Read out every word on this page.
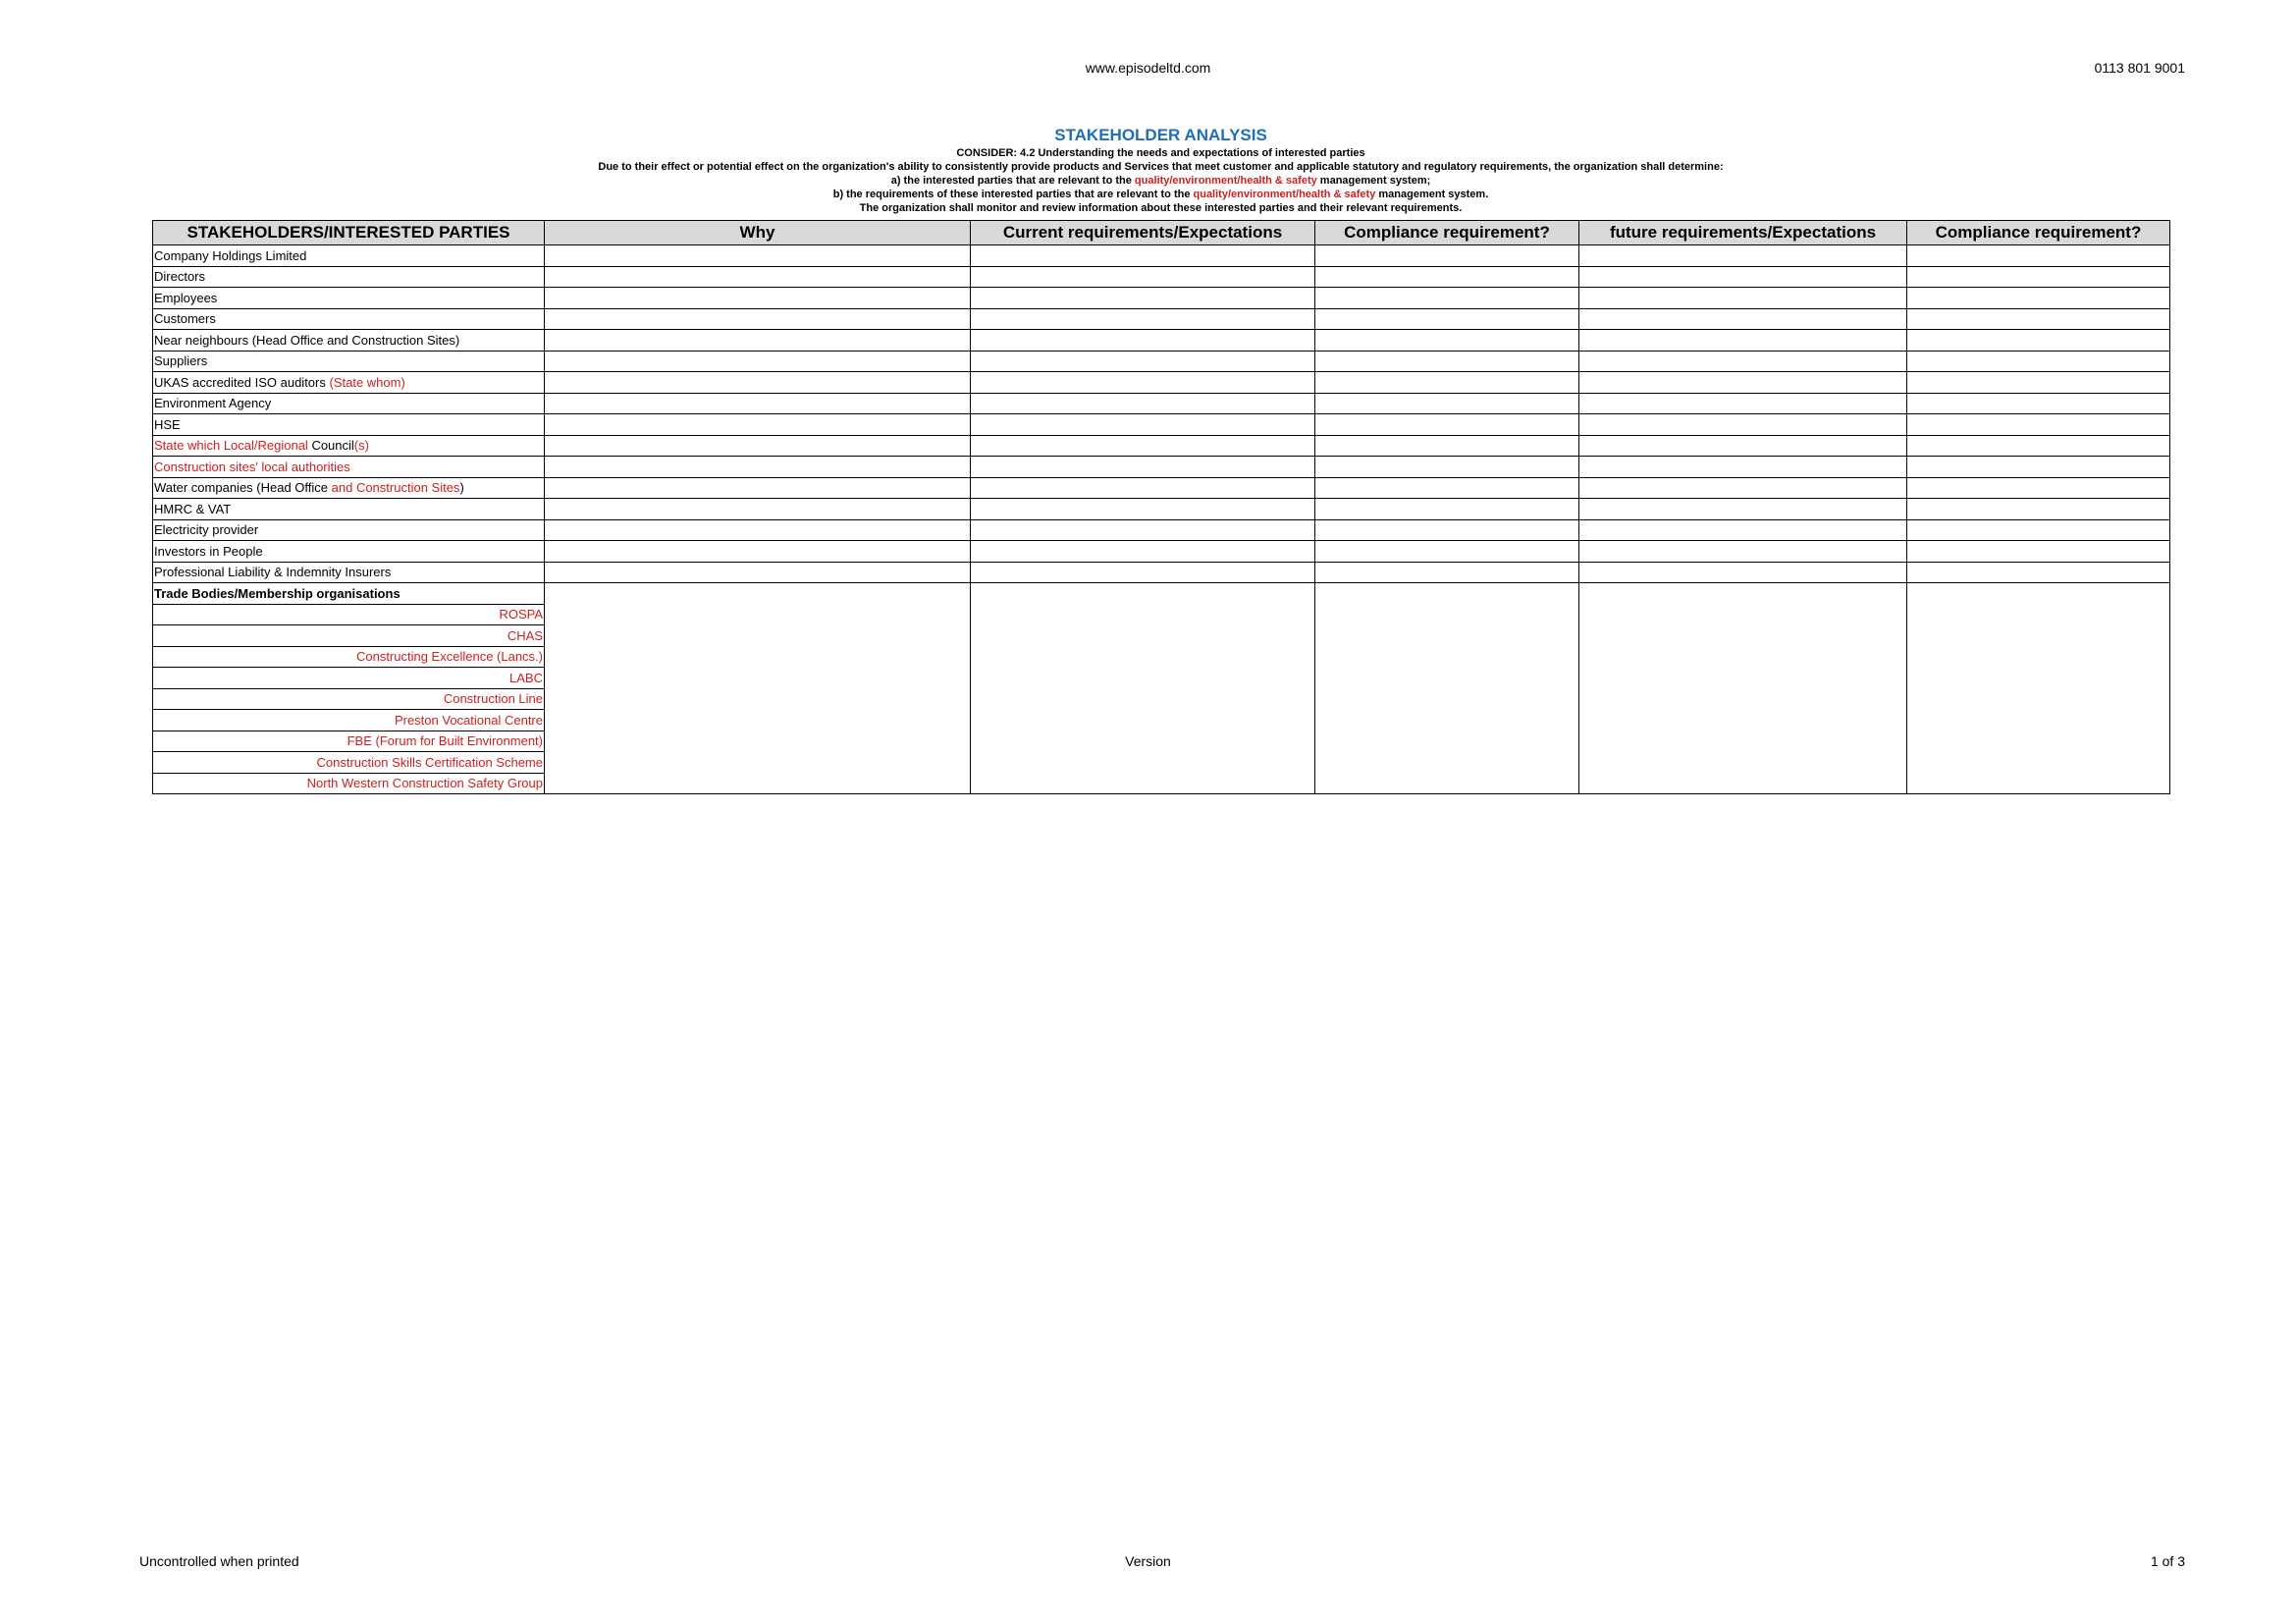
www.episodeltd.com	0113 801 9001
STAKEHOLDER ANALYSIS
CONSIDER: 4.2 Understanding the needs and expectations of interested parties
Due to their effect or potential effect on the organization's ability to consistently provide products and Services that meet customer and applicable statutory and regulatory requirements, the organization shall determine:
a) the interested parties that are relevant to the quality/environment/health & safety management system;
b) the requirements of these interested parties that are relevant to the quality/environment/health & safety management system.
The organization shall monitor and review information about these interested parties and their relevant requirements.
STAKEHOLDERS/INTERESTED PARTIES	Why	Current requirements/Expectations	Compliance requirement?	future requirements/Expectations	Compliance requirement?
Company Holdings Limited					
Directors					
Employees					
Customers					
Near neighbours (Head Office and Construction Sites)					
Suppliers					
UKAS accredited ISO auditors (State whom)					
Environment Agency					
HSE					
State which Local/Regional Council(s)					
Construction sites' local authorities					
Water companies (Head Office and Construction Sites)					
HMRC & VAT					
Electricity provider					
Investors in People					
Professional Liability & Indemnity Insurers					
Trade Bodies/Membership organisations					
ROSPA					
CHAS					
Constructing Excellence (Lancs.)					
LABC					
Construction Line					
Preston Vocational Centre					
FBE (Forum for Built Environment)					
Construction Skills Certification Scheme					
North Western Construction Safety Group					
Uncontrolled when printed	Version	1 of 3
